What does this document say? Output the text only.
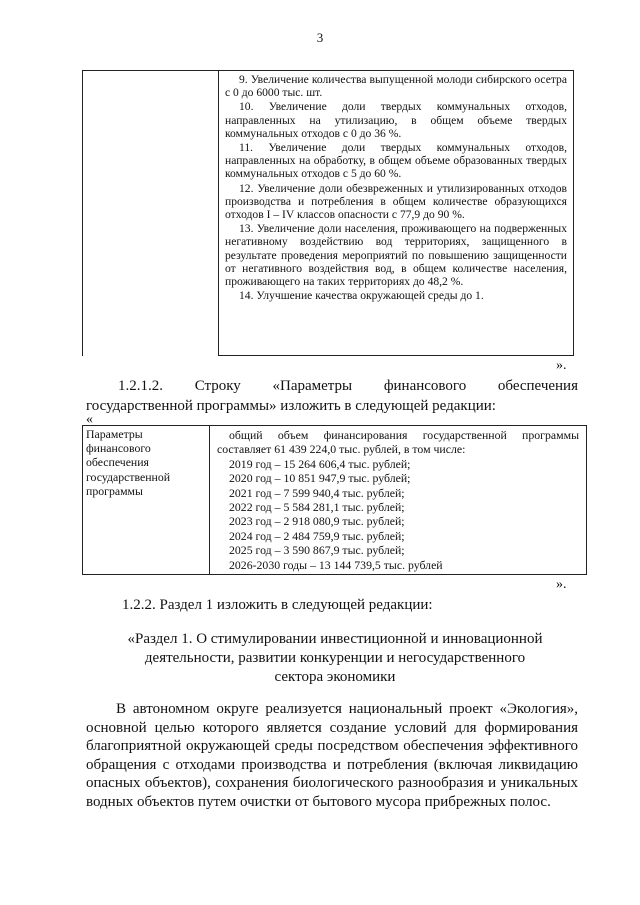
3
9. Увеличение количества выпущенной молоди сибирского осетра с 0 до 6000 тыс. шт.
10. Увеличение доли твердых коммунальных отходов, направленных на утилизацию, в общем объеме твердых коммунальных отходов с 0 до 36 %.
11. Увеличение доли твердых коммунальных отходов, направленных на обработку, в общем объеме образованных твердых коммунальных отходов с 5 до 60 %.
12. Увеличение доли обезвреженных и утилизированных отходов производства и потребления в общем количестве образующихся отходов I – IV классов опасности с 77,9 до 90 %.
13. Увеличение доли населения, проживающего на подверженных негативному воздействию вод территориях, защищенного в результате проведения мероприятий по повышению защищенности от негативного воздействия вод, в общем количестве населения, проживающего на таких территориях до 48,2 %.
14. Улучшение качества окружающей среды до 1.
».
1.2.1.2. Строку «Параметры финансового обеспечения
государственной программы» изложить в следующей редакции:
«
Параметры финансового обеспечения государственной программы
общий объем финансирования государственной программы составляет 61 439 224,0 тыс. рублей, в том числе:
2019 год – 15 264 606,4 тыс. рублей;
2020 год – 10 851 947,9 тыс. рублей;
2021 год – 7 599 940,4 тыс. рублей;
2022 год – 5 584 281,1 тыс. рублей;
2023 год – 2 918 080,9 тыс. рублей;
2024 год – 2 484 759,9 тыс. рублей;
2025 год – 3 590 867,9 тыс. рублей;
2026-2030 годы – 13 144 739,5 тыс. рублей
».
1.2.2. Раздел 1 изложить в следующей редакции:
«Раздел 1. О стимулировании инвестиционной и инновационной
деятельности, развитии конкуренции и негосударственного
сектора экономики
В автономном округе реализуется национальный проект «Экология», основной целью которого является создание условий для формирования благоприятной окружающей среды посредством обеспечения эффективного обращения с отходами производства и потребления (включая ликвидацию опасных объектов), сохранения биологического разнообразия и уникальных водных объектов путем очистки от бытового мусора прибрежных полос.
